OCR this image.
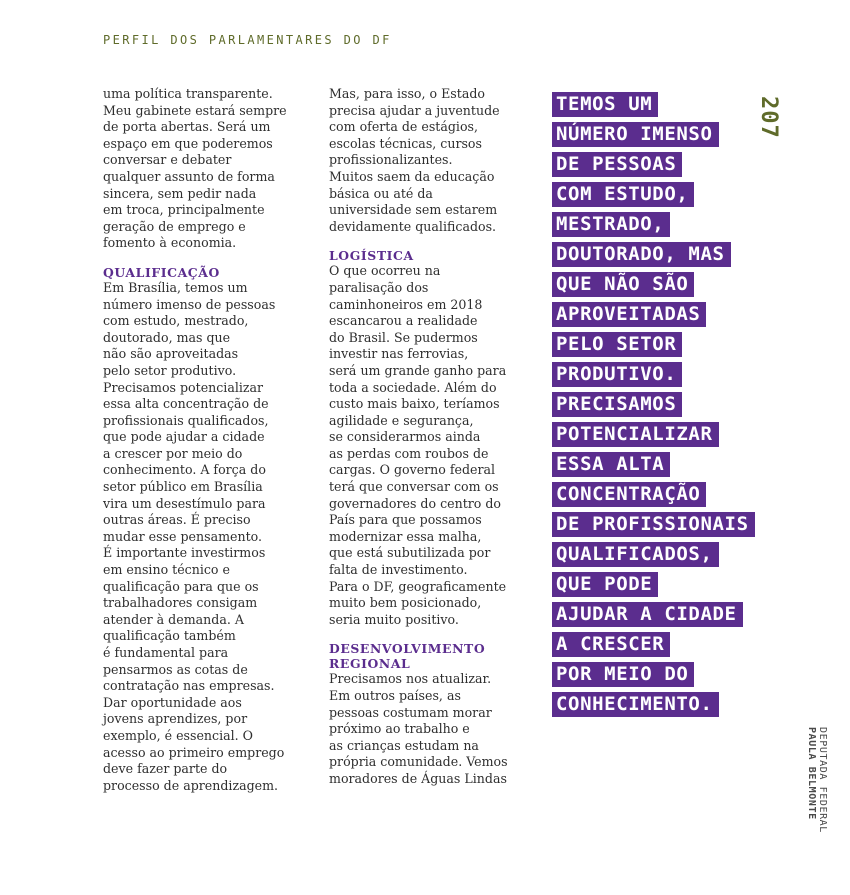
PERFIL DOS PARLAMENTARES DO DF
207

uma política transparente.
Meu gabinete estará sempre
de porta abertas. Será um
espaço em que poderemos
conversar e debater
qualquer assunto de forma
sincera, sem pedir nada
em troca, principalmente
geração de emprego e
fomento à economia.

QUALIFICAÇÃO

Em Brasília, temos um
número imenso de pessoas
com estudo, mestrado,
doutorado, mas que
não são aproveitadas
pelo setor produtivo.
Precisamos potencializar
essa alta concentração de
profissionais qualificados,
que pode ajudar a cidade
a crescer por meio do
conhecimento. A força do
setor público em Brasília
vira um desestímulo para
outras áreas. É preciso
mudar esse pensamento.
É importante investirmos
em ensino técnico e
qualificação para que os
trabalhadores consigam
atender à demanda. A
qualificação também
é fundamental para
pensarmos as cotas de
contratação nas empresas.
Dar oportunidade aos
jovens aprendizes, por
exemplo, é essencial. O
acesso ao primeiro emprego
deve fazer parte do
processo de aprendizagem.

Mas, para isso, o Estado
precisa ajudar a juventude
com oferta de estágios,
escolas técnicas, cursos
profissionalizantes.
Muitos saem da educação
básica ou até da
universidade sem estarem
devidamente qualificados.

LOGÍSTICA

O que ocorreu na
paralisação dos
caminhoneiros em 2018
escancarou a realidade
do Brasil. Se pudermos
investir nas ferrovias,
será um grande ganho para
toda a sociedade. Além do
custo mais baixo, teríamos
agilidade e segurança,
se considerarmos ainda
as perdas com roubos de
cargas. O governo federal
terá que conversar com os
governadores do centro do
País para que possamos
modernizar essa malha,
que está subutilizada por
falta de investimento.
Para o DF, geograficamente
muito bem posicionado,
seria muito positivo.

DESENVOLVIMENTO
REGIONAL

Precisamos nos atualizar.
Em outros países, as
pessoas costumam morar
próximo ao trabalho e
as crianças estudam na
própria comunidade. Vemos
moradores de Águas Lindas

TEMOS UM
NÚMERO IMENSO
DE PESSOAS
COM ESTUDO,
MESTRADO,
DOUTORADO, MAS
QUE NÃO SÃO
APROVEITADAS
PELO SETOR
PRODUTIVO.
PRECISAMOS
POTENCIALIZAR
ESSA ALTA
CONCENTRAÇÃO
DE PROFISSIONAIS
QUALIFICADOS,
QUE PODE
AJUDAR A CIDADE
A CRESCER
POR MEIO DO
CONHECIMENTO.

DEPUTADA FEDERAL
PAULA BELMONTE
